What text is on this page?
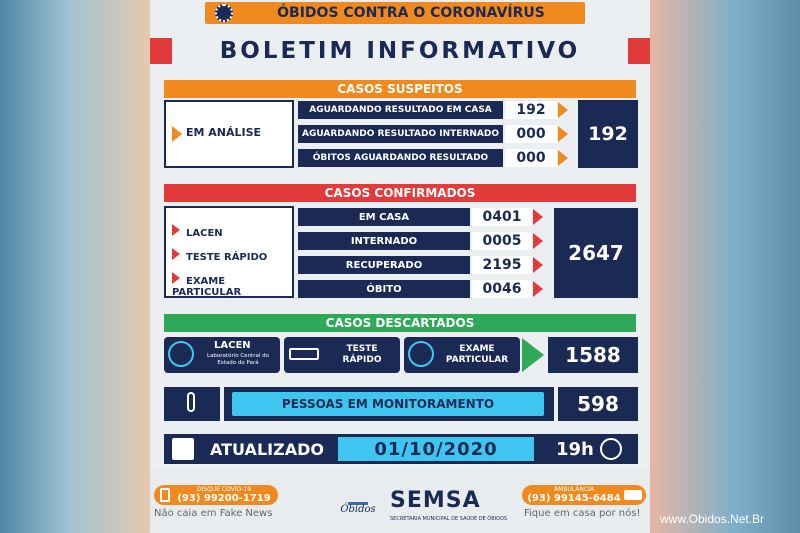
ÓBIDOS CONTRA O CORONAVÍRUS
BOLETIM INFORMATIVO
CASOS SUSPEITOS
EM ANÁLISE
AGUARDANDO RESULTADO EM CASA	192
AGUARDANDO RESULTADO INTERNADO	000
ÓBITOS AGUARDANDO RESULTADO	000
192
CASOS CONFIRMADOS
LACEN
TESTE RÁPIDO
EXAME PARTICULAR
EM CASA	0401
INTERNADO	0005
RECUPERADO	2195
ÓBITO	0046
2647
CASOS DESCARTADOS
LACEN
Laboratório Central do Estado do Pará
TESTE RÁPIDO
EXAME PARTICULAR	1588
PESSOAS EM MONITORAMENTO	598
ATUALIZADO	01/10/2020	19h
DISQUE COVID-19
(93) 99200-1719
Não caia em Fake News	Óbidos SEMSA
SECRETARIA MUNICIPAL DE SAÚDE DE ÓBIDOS
AMBULÂNCIA
(93) 99145-6484
Fique em casa por nós!	www.Obidos.Net.Br
